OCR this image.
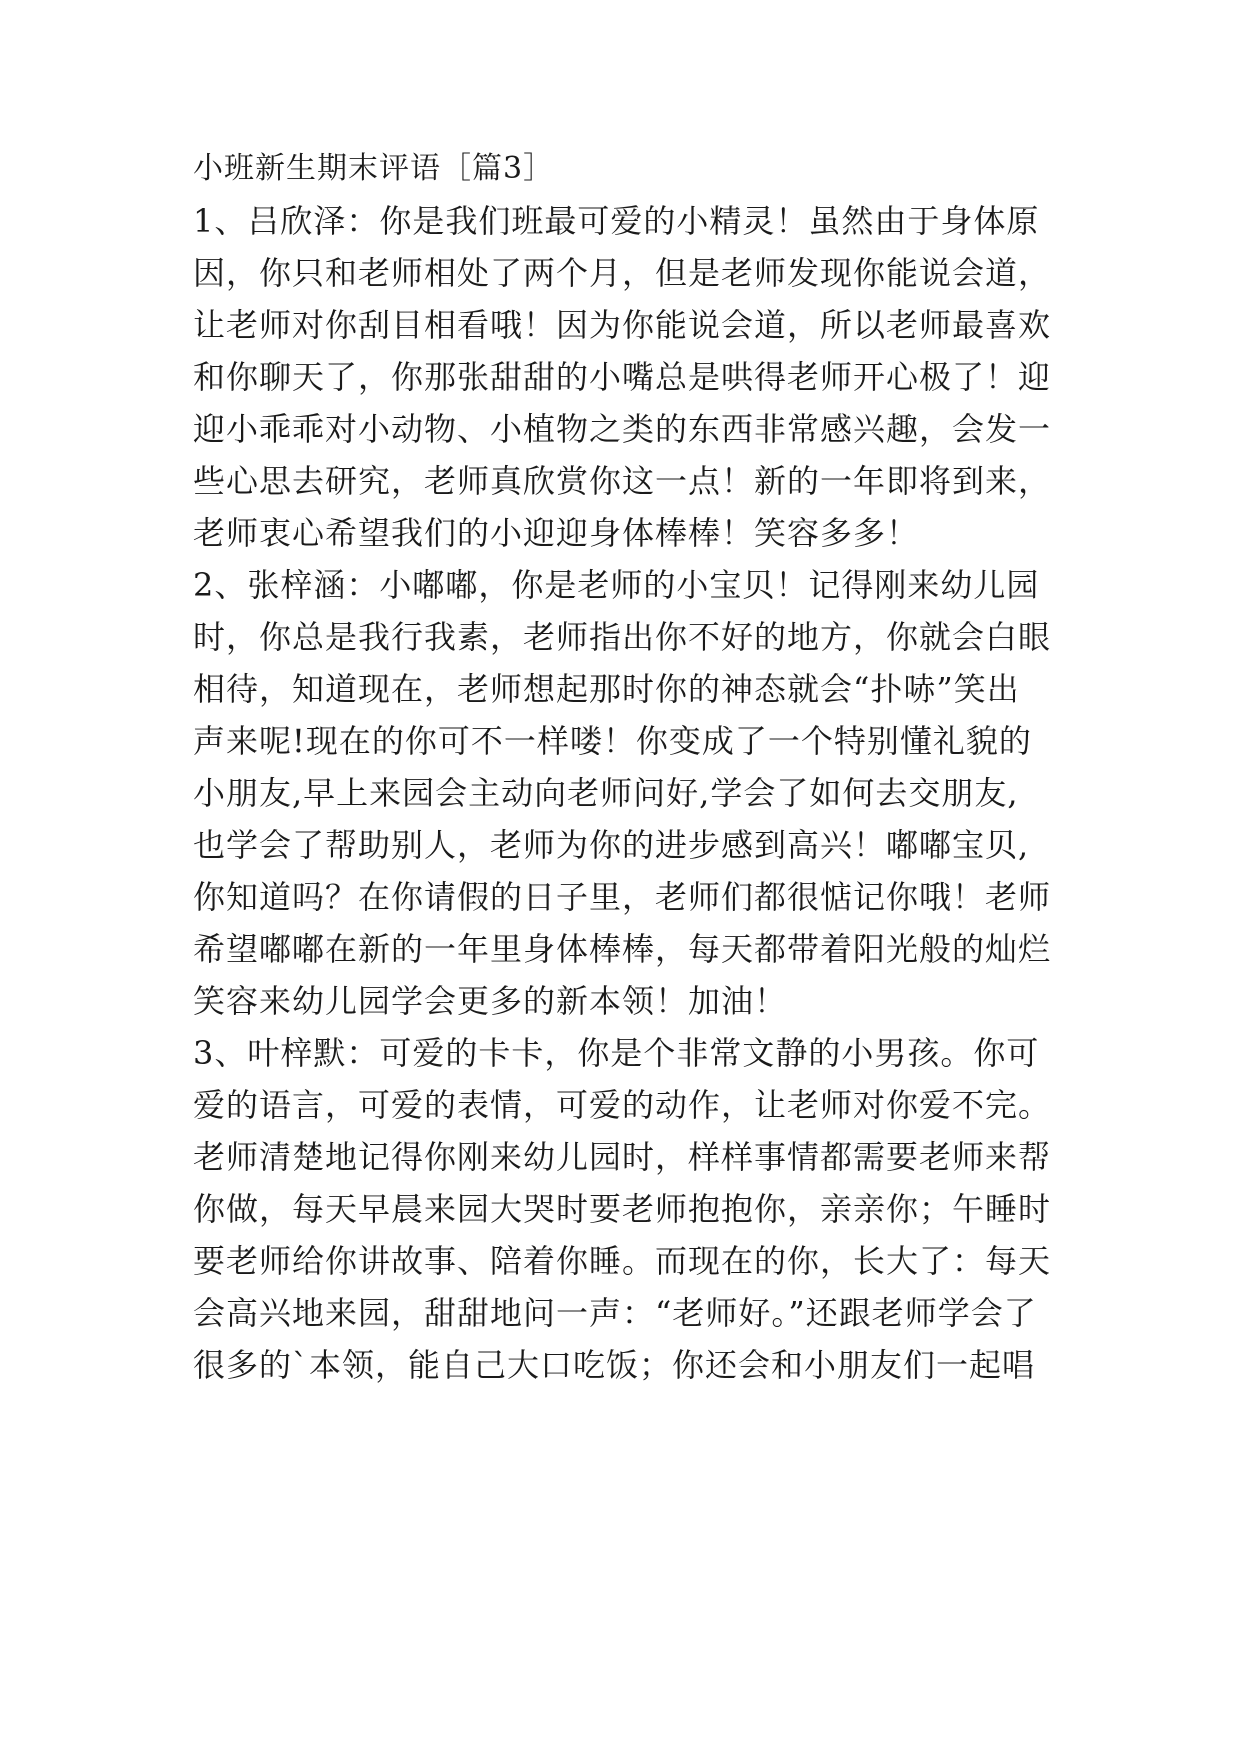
小班新生期末评语［篇3］
1、吕欣泽：你是我们班最可爱的小精灵！虽然由于身体原
因，你只和老师相处了两个月，但是老师发现你能说会道，
让老师对你刮目相看哦！因为你能说会道，所以老师最喜欢
和你聊天了，你那张甜甜的小嘴总是哄得老师开心极了！迎
迎小乖乖对小动物、小植物之类的东西非常感兴趣，会发一
些心思去研究，老师真欣赏你这一点！新的一年即将到来，
老师衷心希望我们的小迎迎身体棒棒！笑容多多！
2、张梓涵：小嘟嘟，你是老师的小宝贝！记得刚来幼儿园
时，你总是我行我素，老师指出你不好的地方，你就会白眼
相待，知道现在，老师想起那时你的神态就会“扑哧”笑出
声来呢!现在的你可不一样喽！你变成了一个特别懂礼貌的
小朋友,早上来园会主动向老师问好,学会了如何去交朋友,
也学会了帮助别人，老师为你的进步感到高兴！嘟嘟宝贝,
你知道吗？在你请假的日子里，老师们都很惦记你哦！老师
希望嘟嘟在新的一年里身体棒棒，每天都带着阳光般的灿烂
笑容来幼儿园学会更多的新本领！加油！
3、叶梓默：可爱的卡卡，你是个非常文静的小男孩。你可
爱的语言，可爱的表情，可爱的动作，让老师对你爱不完。
老师清楚地记得你刚来幼儿园时，样样事情都需要老师来帮
你做，每天早晨来园大哭时要老师抱抱你，亲亲你；午睡时
要老师给你讲故事、陪着你睡。而现在的你，长大了：每天
会高兴地来园，甜甜地问一声：“老师好。”还跟老师学会了
很多的`本领，能自己大口吃饭；你还会和小朋友们一起唱
